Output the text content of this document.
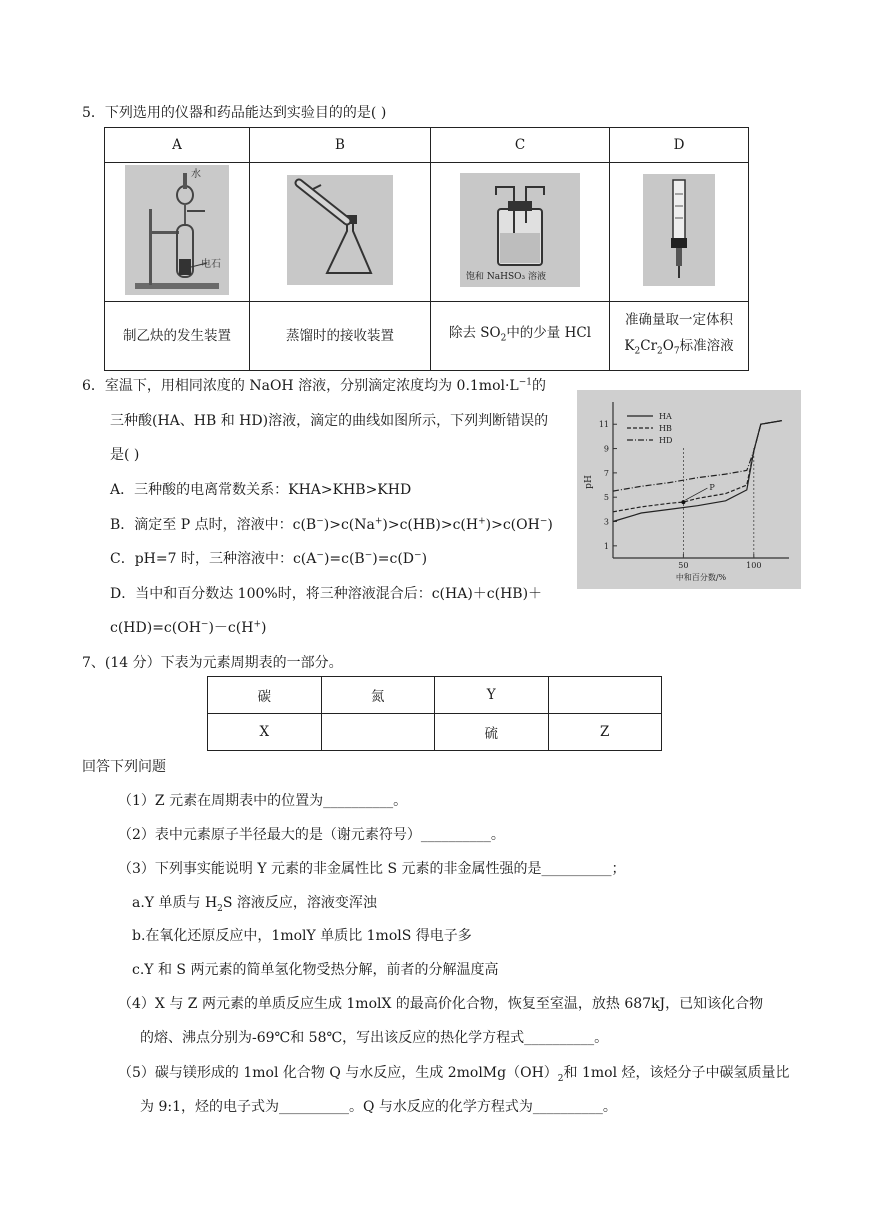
5．下列选用的仪器和药品能达到实验目的的是( )
A	B	C	D

水
电石		饱和 NaHSO₃ 溶液

制乙炔的发生装置	蒸馏时的接收装置	除去 $SO_2$中的少量 HCl	准确量取一定体积
$K_2Cr_2O_7$标准溶液
6．室温下，用相同浓度的 NaOH 溶液，分别滴定浓度均为 $0.1mol\cdot L^{-1}$的
三种酸(HA、HB 和 HD)溶液，滴定的曲线如图所示，下列判断错误的
是( )
A．三种酸的电离常数关系：KHA>KHB>KHD
B．滴定至 P 点时，溶液中：c(B−)>c(Na+)>c(HB)>c(H+)>c(OH−)
C．pH=7 时，三种溶液中：c(A−)=c(B−)=c(D−)
D．当中和百分数达 100%时，将三种溶液混合后：c(HA)＋c(HB)＋
c(HD)=c(OH−)－c(H+)
1
3
5
7
9
11
50	100
pH
中和百分数/%
HA
HB
HD
P
7、(14 分）下表为元素周期表的一部分。
碳	氮	Y	
X		硫	Z
回答下列问题
（1）Z 元素在周期表中的位置为__________。
（2）表中元素原子半径最大的是（谢元素符号）__________。
（3）下列事实能说明 Y 元素的非金属性比 S 元素的非金属性强的是__________；
a.Y 单质与 $H_2S$ 溶液反应，溶液变浑浊
b.在氧化还原反应中，1molY 单质比 1molS 得电子多
c.Y 和 S 两元素的简单氢化物受热分解，前者的分解温度高
（4）X 与 Z 两元素的单质反应生成 1molX 的最高价化合物，恢复至室温，放热 687kJ，已知该化合物
的熔、沸点分别为-69℃和 58℃，写出该反应的热化学方程式__________。
（5）碳与镁形成的 1mol 化合物 Q 与水反应，生成 $2molMg(OH)_2$和 1mol 烃，该烃分子中碳氢质量比
为 9:1，烃的电子式为__________。Q 与水反应的化学方程式为__________。
